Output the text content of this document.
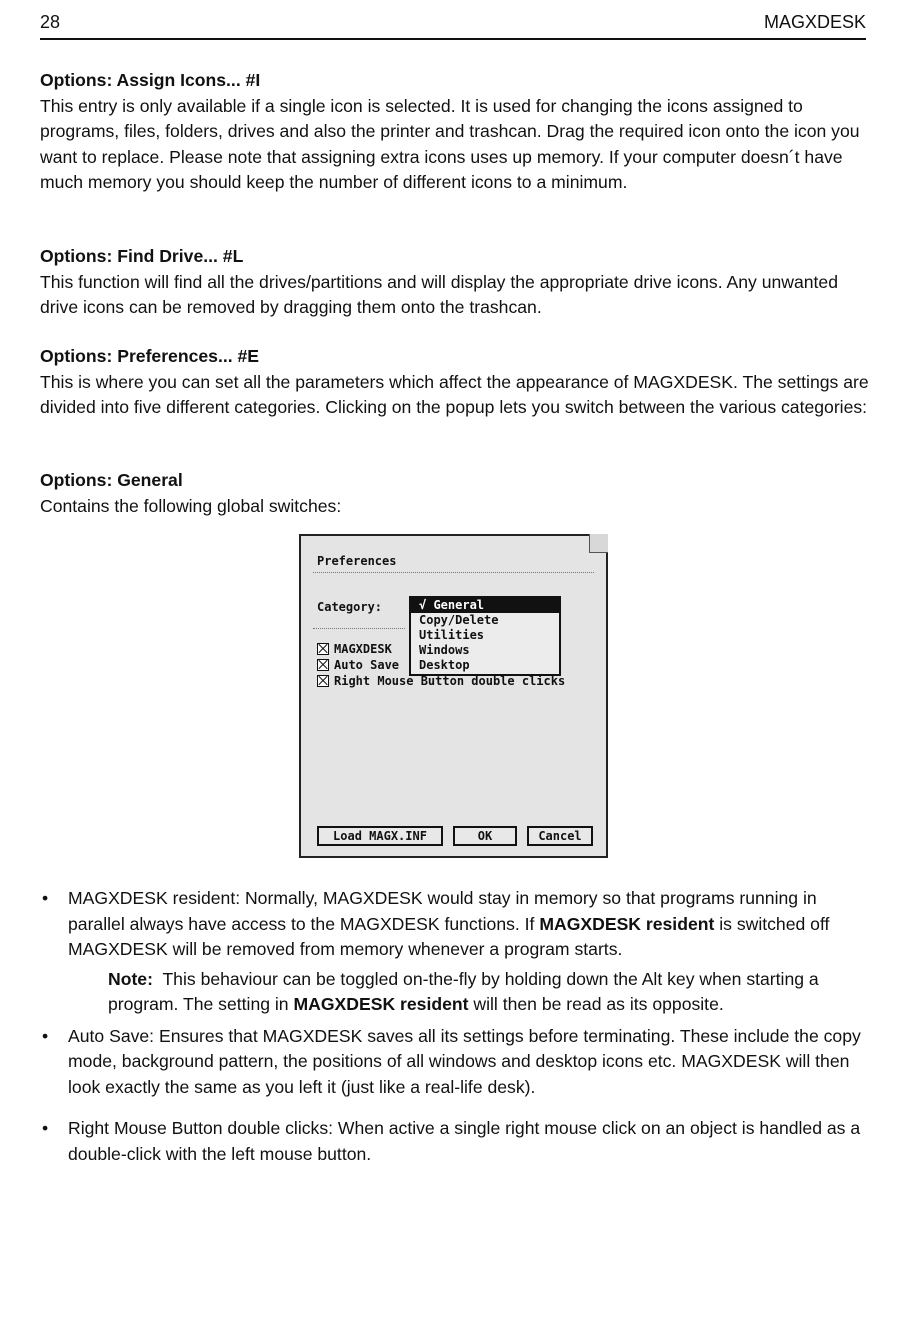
28	MAGXDESK
Options: Assign Icons... #I

This entry is only available if a single icon is selected. It is used for changing the icons assigned to programs, files, folders, drives and also the printer and trashcan. Drag the required icon onto the icon you want to replace. Please note that assigning extra icons uses up memory. If your computer doesn´t have much memory you should keep the number of different icons to a minimum.

Options: Find Drive... #L

This function will find all the drives/partitions and will display the appropriate drive icons. Any unwanted drive icons can be removed by dragging them onto the trashcan.

Options: Preferences... #E

This is where you can set all the parameters which affect the appearance of MAGXDESK. The settings are divided into five different categories. Clicking on the popup lets you switch between the various categories:

Options: General

Contains the following global switches:

Preferences
Category:	√ General
Copy/Delete
Utilities
Windows
Desktop
MAGXDESK
Auto Save
Right Mouse Button double clicks
Load MAGX.INF	OK	Cancel
• MAGXDESK resident: Normally, MAGXDESK would stay in memory so that programs running in parallel always have access to the MAGXDESK functions. If MAGXDESK resident is switched off MAGXDESK will be removed from memory whenever a program starts.
Note: This behaviour can be toggled on-the-fly by holding down the Alt key when starting a program. The setting in MAGXDESK resident will then be read as its opposite.
• Auto Save: Ensures that MAGXDESK saves all its settings before terminating. These include the copy mode, background pattern, the positions of all windows and desktop icons etc. MAGXDESK will then look exactly the same as you left it (just like a real-life desk).
• Right Mouse Button double clicks: When active a single right mouse click on an object is handled as a double-click with the left mouse button.
